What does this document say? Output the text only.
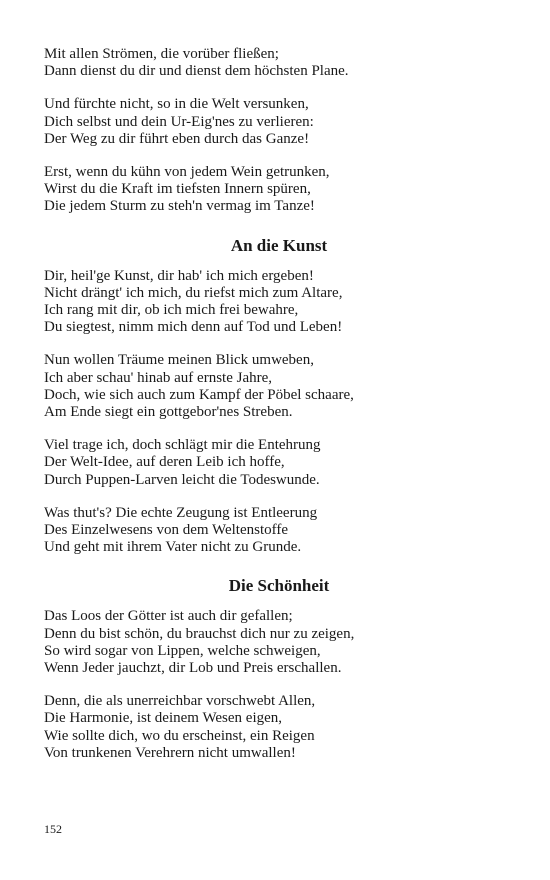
Mit allen Strömen, die vorüber fließen;
Dann dienst du dir und dienst dem höchsten Plane.
Und fürchte nicht, so in die Welt versunken,
Dich selbst und dein Ur-Eig'nes zu verlieren:
Der Weg zu dir führt eben durch das Ganze!
Erst, wenn du kühn von jedem Wein getrunken,
Wirst du die Kraft im tiefsten Innern spüren,
Die jedem Sturm zu steh'n vermag im Tanze!
An die Kunst
Dir, heil'ge Kunst, dir hab' ich mich ergeben!
Nicht drängt' ich mich, du riefst mich zum Altare,
Ich rang mit dir, ob ich mich frei bewahre,
Du siegtest, nimm mich denn auf Tod und Leben!
Nun wollen Träume meinen Blick umweben,
Ich aber schau' hinab auf ernste Jahre,
Doch, wie sich auch zum Kampf der Pöbel schaare,
Am Ende siegt ein gottgebor'nes Streben.
Viel trage ich, doch schlägt mir die Entehrung
Der Welt-Idee, auf deren Leib ich hoffe,
Durch Puppen-Larven leicht die Todeswunde.
Was thut's? Die echte Zeugung ist Entleerung
Des Einzelwesens von dem Weltenstoffe
Und geht mit ihrem Vater nicht zu Grunde.
Die Schönheit
Das Loos der Götter ist auch dir gefallen;
Denn du bist schön, du brauchst dich nur zu zeigen,
So wird sogar von Lippen, welche schweigen,
Wenn Jeder jauchzt, dir Lob und Preis erschallen.
Denn, die als unerreichbar vorschwebt Allen,
Die Harmonie, ist deinem Wesen eigen,
Wie sollte dich, wo du erscheinst, ein Reigen
Von trunkenen Verehrern nicht umwallen!
152
